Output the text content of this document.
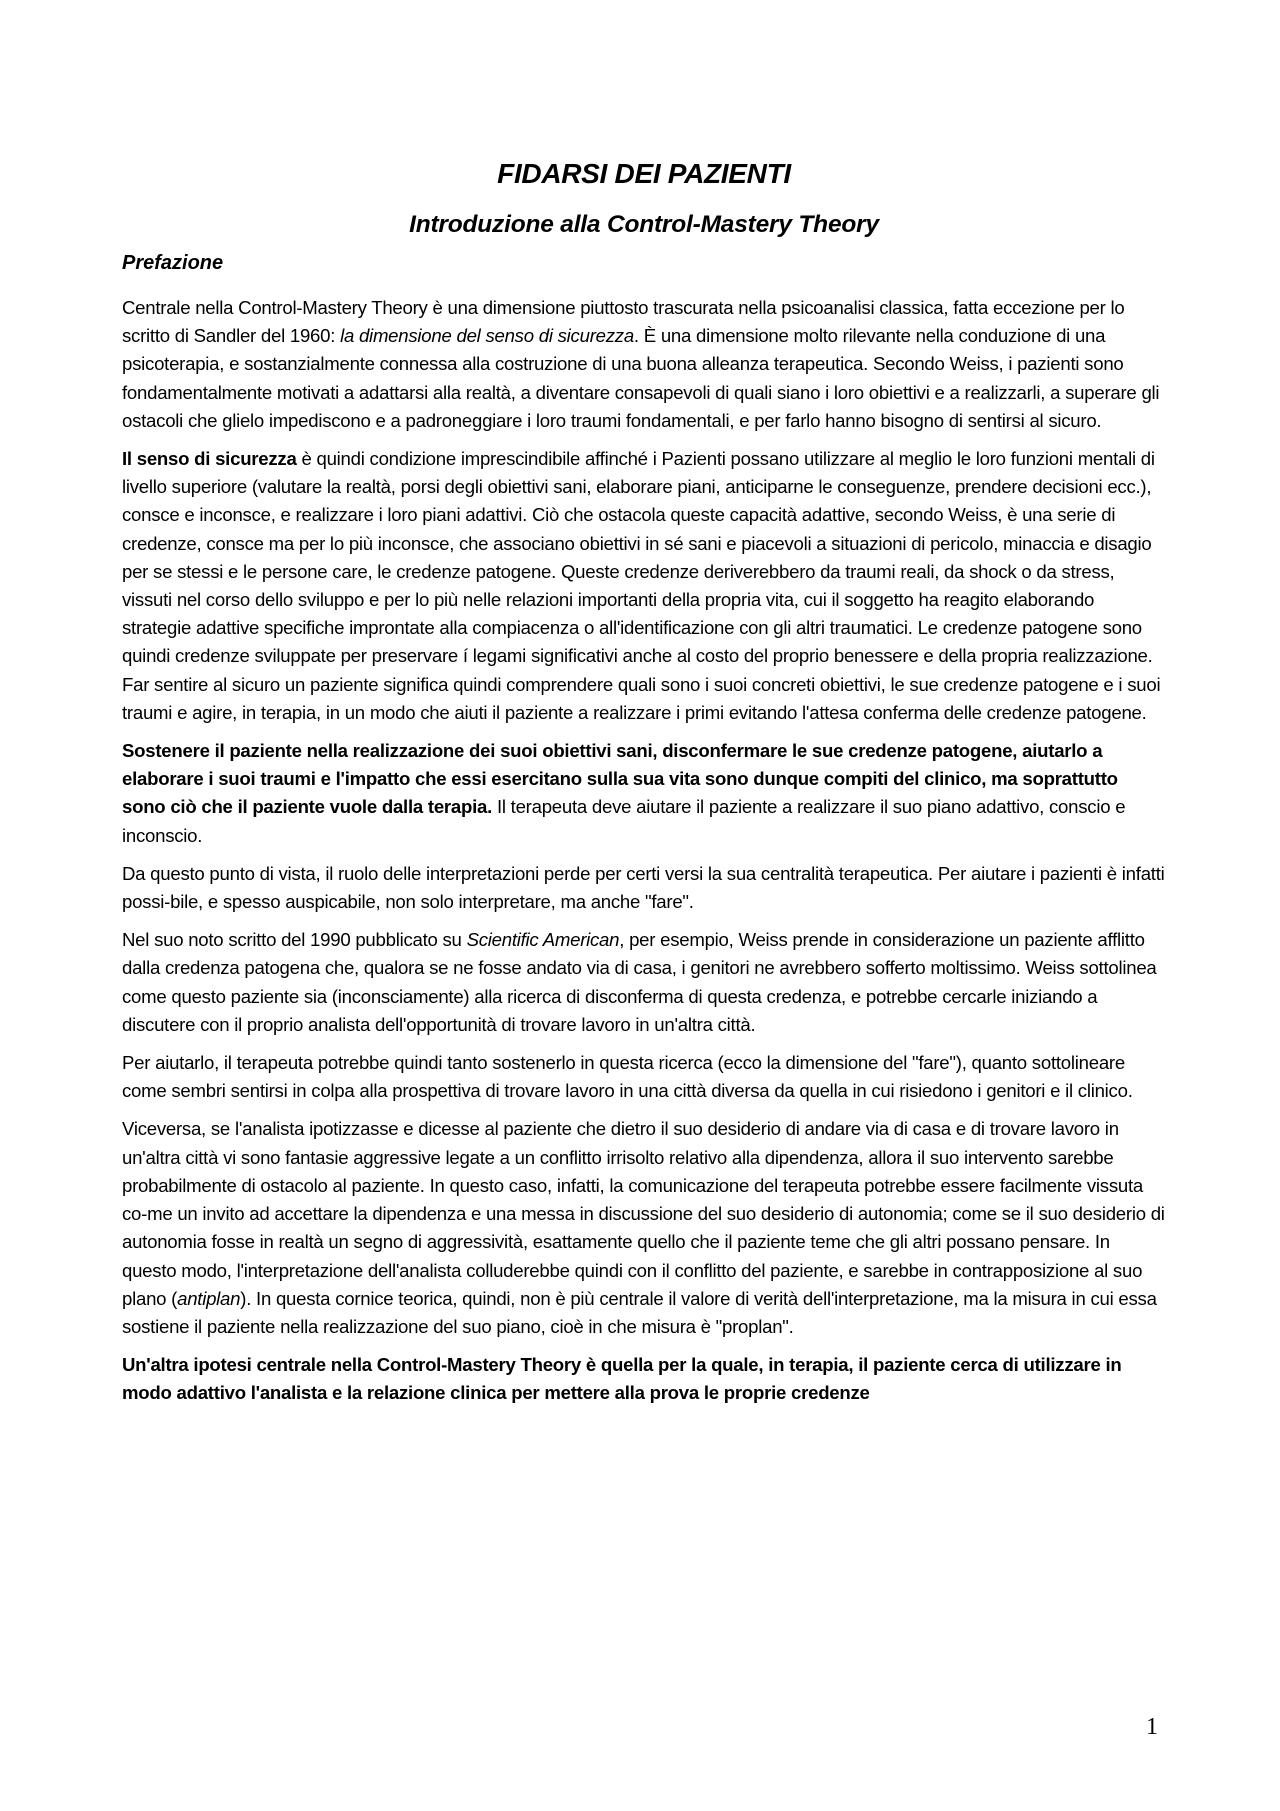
FIDARSI DEI PAZIENTI
Introduzione alla Control-Mastery Theory
Prefazione

Centrale nella Control-Mastery Theory è una dimensione piuttosto trascurata nella psicoanalisi classica, fatta eccezione per lo scritto di Sandler del 1960: la dimensione del senso di sicurezza. È una dimensione molto rilevante nella conduzione di una psicoterapia, e sostanzialmente connessa alla costruzione di una buona alleanza terapeutica. Secondo Weiss, i pazienti sono fondamentalmente motivati a adattarsi alla realtà, a diventare consapevoli di quali siano i loro obiettivi e a realizzarli, a superare gli ostacoli che glielo impediscono e a padroneggiare i loro traumi fondamentali, e per farlo hanno bisogno di sentirsi al sicuro.

Il senso di sicurezza è quindi condizione imprescindibile affinché i Pazienti possano utilizzare al meglio le loro funzioni mentali di livello superiore (valutare la realtà, porsi degli obiettivi sani, elaborare piani, anticiparne le conseguenze, prendere decisioni ecc.), consce e inconsce, e realizzare i loro piani adattivi. Ciò che ostacola queste capacità adattive, secondo Weiss, è una serie di credenze, consce ma per lo più inconsce, che associano obiettivi in sé sani e piacevoli a situazioni di pericolo, minaccia e disagio per se stessi e le persone care, le credenze patogene. Queste credenze deriverebbero da traumi reali, da shock o da stress, vissuti nel corso dello sviluppo e per lo più nelle relazioni importanti della propria vita, cui il soggetto ha reagito elaborando strategie adattive specifiche improntate alla compiacenza o all'identificazione con gli altri traumatici. Le credenze patogene sono quindi credenze sviluppate per preservare í legami significativi anche al costo del proprio benessere e della propria realizzazione. Far sentire al sicuro un paziente significa quindi comprendere quali sono i suoi concreti obiettivi, le sue credenze patogene e i suoi traumi e agire, in terapia, in un modo che aiuti il paziente a realizzare i primi evitando l'attesa conferma delle credenze patogene.

Sostenere il paziente nella realizzazione dei suoi obiettivi sani, disconfermare le sue credenze patogene, aiutarlo a elaborare i suoi traumi e l'impatto che essi esercitano sulla sua vita sono dunque compiti del clinico, ma soprattutto sono ciò che il paziente vuole dalla terapia. Il terapeuta deve aiutare il paziente a realizzare il suo piano adattivo, conscio e inconscio.

Da questo punto di vista, il ruolo delle interpretazioni perde per certi versi la sua centralità terapeutica. Per aiutare i pazienti è infatti possi-bile, e spesso auspicabile, non solo interpretare, ma anche "fare".

Nel suo noto scritto del 1990 pubblicato su Scientific American, per esempio, Weiss prende in considerazione un paziente afflitto dalla credenza patogena che, qualora se ne fosse andato via di casa, i genitori ne avrebbero sofferto moltissimo. Weiss sottolinea come questo paziente sia (inconsciamente) alla ricerca di disconferma di questa credenza, e potrebbe cercarle iniziando a discutere con il proprio analista dell'opportunità di trovare lavoro in un'altra città.

Per aiutarlo, il terapeuta potrebbe quindi tanto sostenerlo in questa ricerca (ecco la dimensione del "fare"), quanto sottolineare come sembri sentirsi in colpa alla prospettiva di trovare lavoro in una città diversa da quella in cui risiedono i genitori e il clinico.

Viceversa, se l'analista ipotizzasse e dicesse al paziente che dietro il suo desiderio di andare via di casa e di trovare lavoro in un'altra città vi sono fantasie aggressive legate a un conflitto irrisolto relativo alla dipendenza, allora il suo intervento sarebbe probabilmente di ostacolo al paziente. In questo caso, infatti, la comunicazione del terapeuta potrebbe essere facilmente vissuta co-me un invito ad accettare la dipendenza e una messa in discussione del suo desiderio di autonomia; come se il suo desiderio di autonomia fosse in realtà un segno di aggressività, esattamente quello che il paziente teme che gli altri possano pensare. In questo modo, l'interpretazione dell'analista colluderebbe quindi con il conflitto del paziente, e sarebbe in contrapposizione al suo plano (antiplan). In questa cornice teorica, quindi, non è più centrale il valore di verità dell'interpretazione, ma la misura in cui essa sostiene il paziente nella realizzazione del suo piano, cioè in che misura è "proplan".

Un'altra ipotesi centrale nella Control-Mastery Theory è quella per la quale, in terapia, il paziente cerca di utilizzare in modo adattivo l'analista e la relazione clinica per mettere alla prova le proprie credenze

1
